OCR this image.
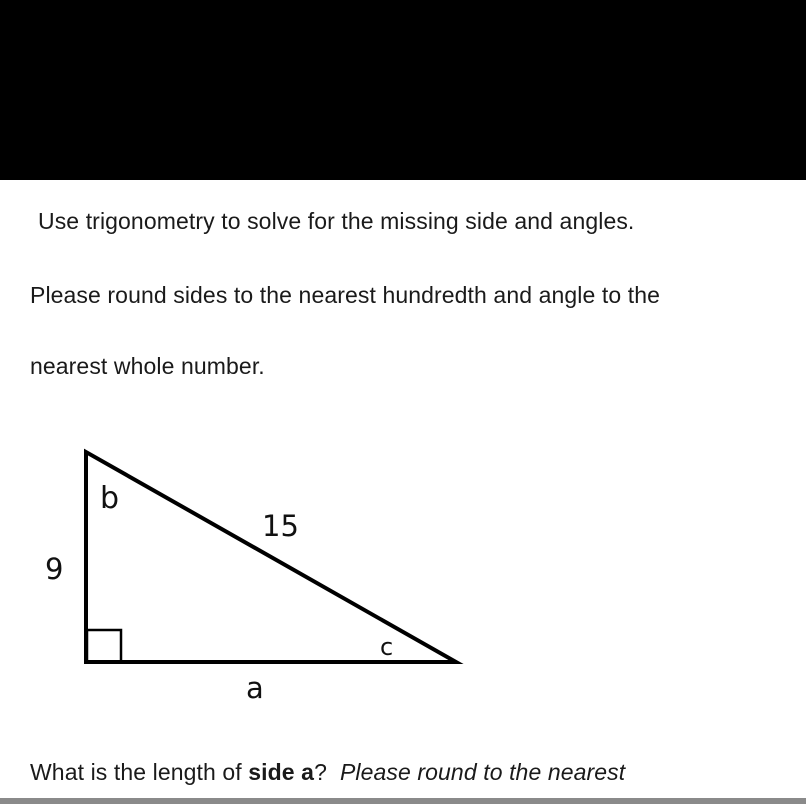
Use trigonometry to solve for the missing side and angles.
Please round sides to the nearest hundredth and angle to the
nearest whole number.
9
15
a
b
c
What is the length of side a? Please round to the nearest
